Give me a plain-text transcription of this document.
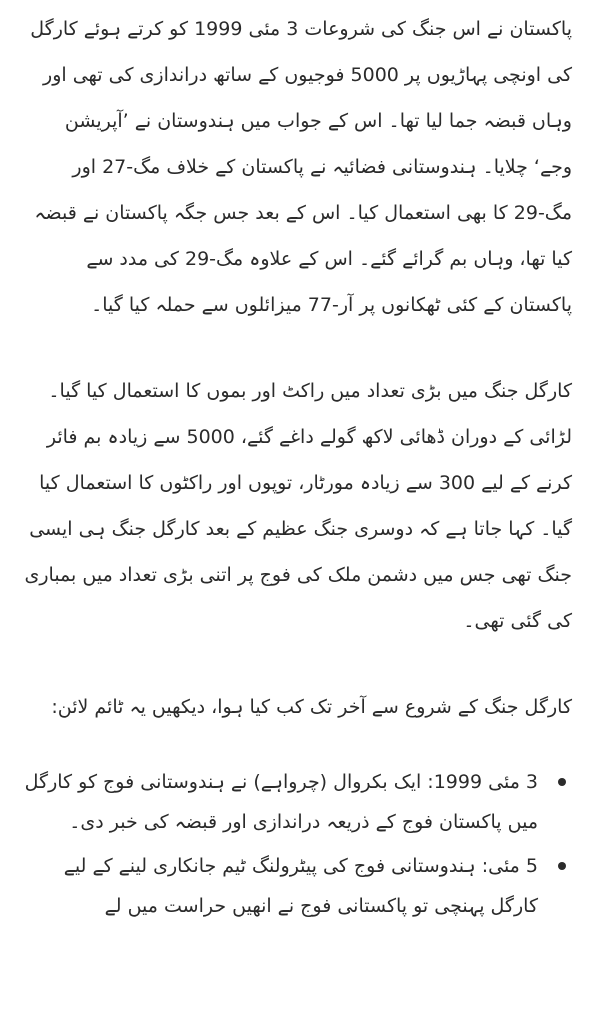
پاکستان نے اس جنگ کی شروعات 3 مئی 1999 کو کرتے ہوئے کارگل کی اونچی پہاڑیوں پر 5000 فوجیوں کے ساتھ دراندازی کی تھی اور وہاں قبضہ جما لیا تھا۔ اس کے جواب میں ہندوستان نے ’آپریشن وجے‘ چلایا۔ ہندوستانی فضائیہ نے پاکستان کے خلاف مگ-27 اور مگ-29 کا بھی استعمال کیا۔ اس کے بعد جس جگہ پاکستان نے قبضہ کیا تھا، وہاں بم گرائے گئے۔ اس کے علاوہ مگ-29 کی مدد سے پاکستان کے کئی ٹھکانوں پر آر-77 میزائلوں سے حملہ کیا گیا۔

کارگل جنگ میں بڑی تعداد میں راکٹ اور بموں کا استعمال کیا گیا۔ لڑائی کے دوران ڈھائی لاکھ گولے داغے گئے، 5000 سے زیادہ بم فائر کرنے کے لیے 300 سے زیادہ مورٹار، توپوں اور راکٹوں کا استعمال کیا گیا۔ کہا جاتا ہے کہ دوسری جنگ عظیم کے بعد کارگل جنگ ہی ایسی جنگ تھی جس میں دشمن ملک کی فوج پر اتنی بڑی تعداد میں بمباری کی گئی تھی۔

کارگل جنگ کے شروع سے آخر تک کب کیا ہوا، دیکھیں یہ ٹائم لائن:

3 مئی 1999: ایک بکروال (چرواہے) نے ہندوستانی فوج کو کارگل میں پاکستان فوج کے ذریعہ دراندازی اور قبضہ کی خبر دی۔
5 مئی: ہندوستانی فوج کی پیٹرولنگ ٹیم جانکاری لینے کے لیے کارگل پہنچی تو پاکستانی فوج نے انھیں حراست میں لے
